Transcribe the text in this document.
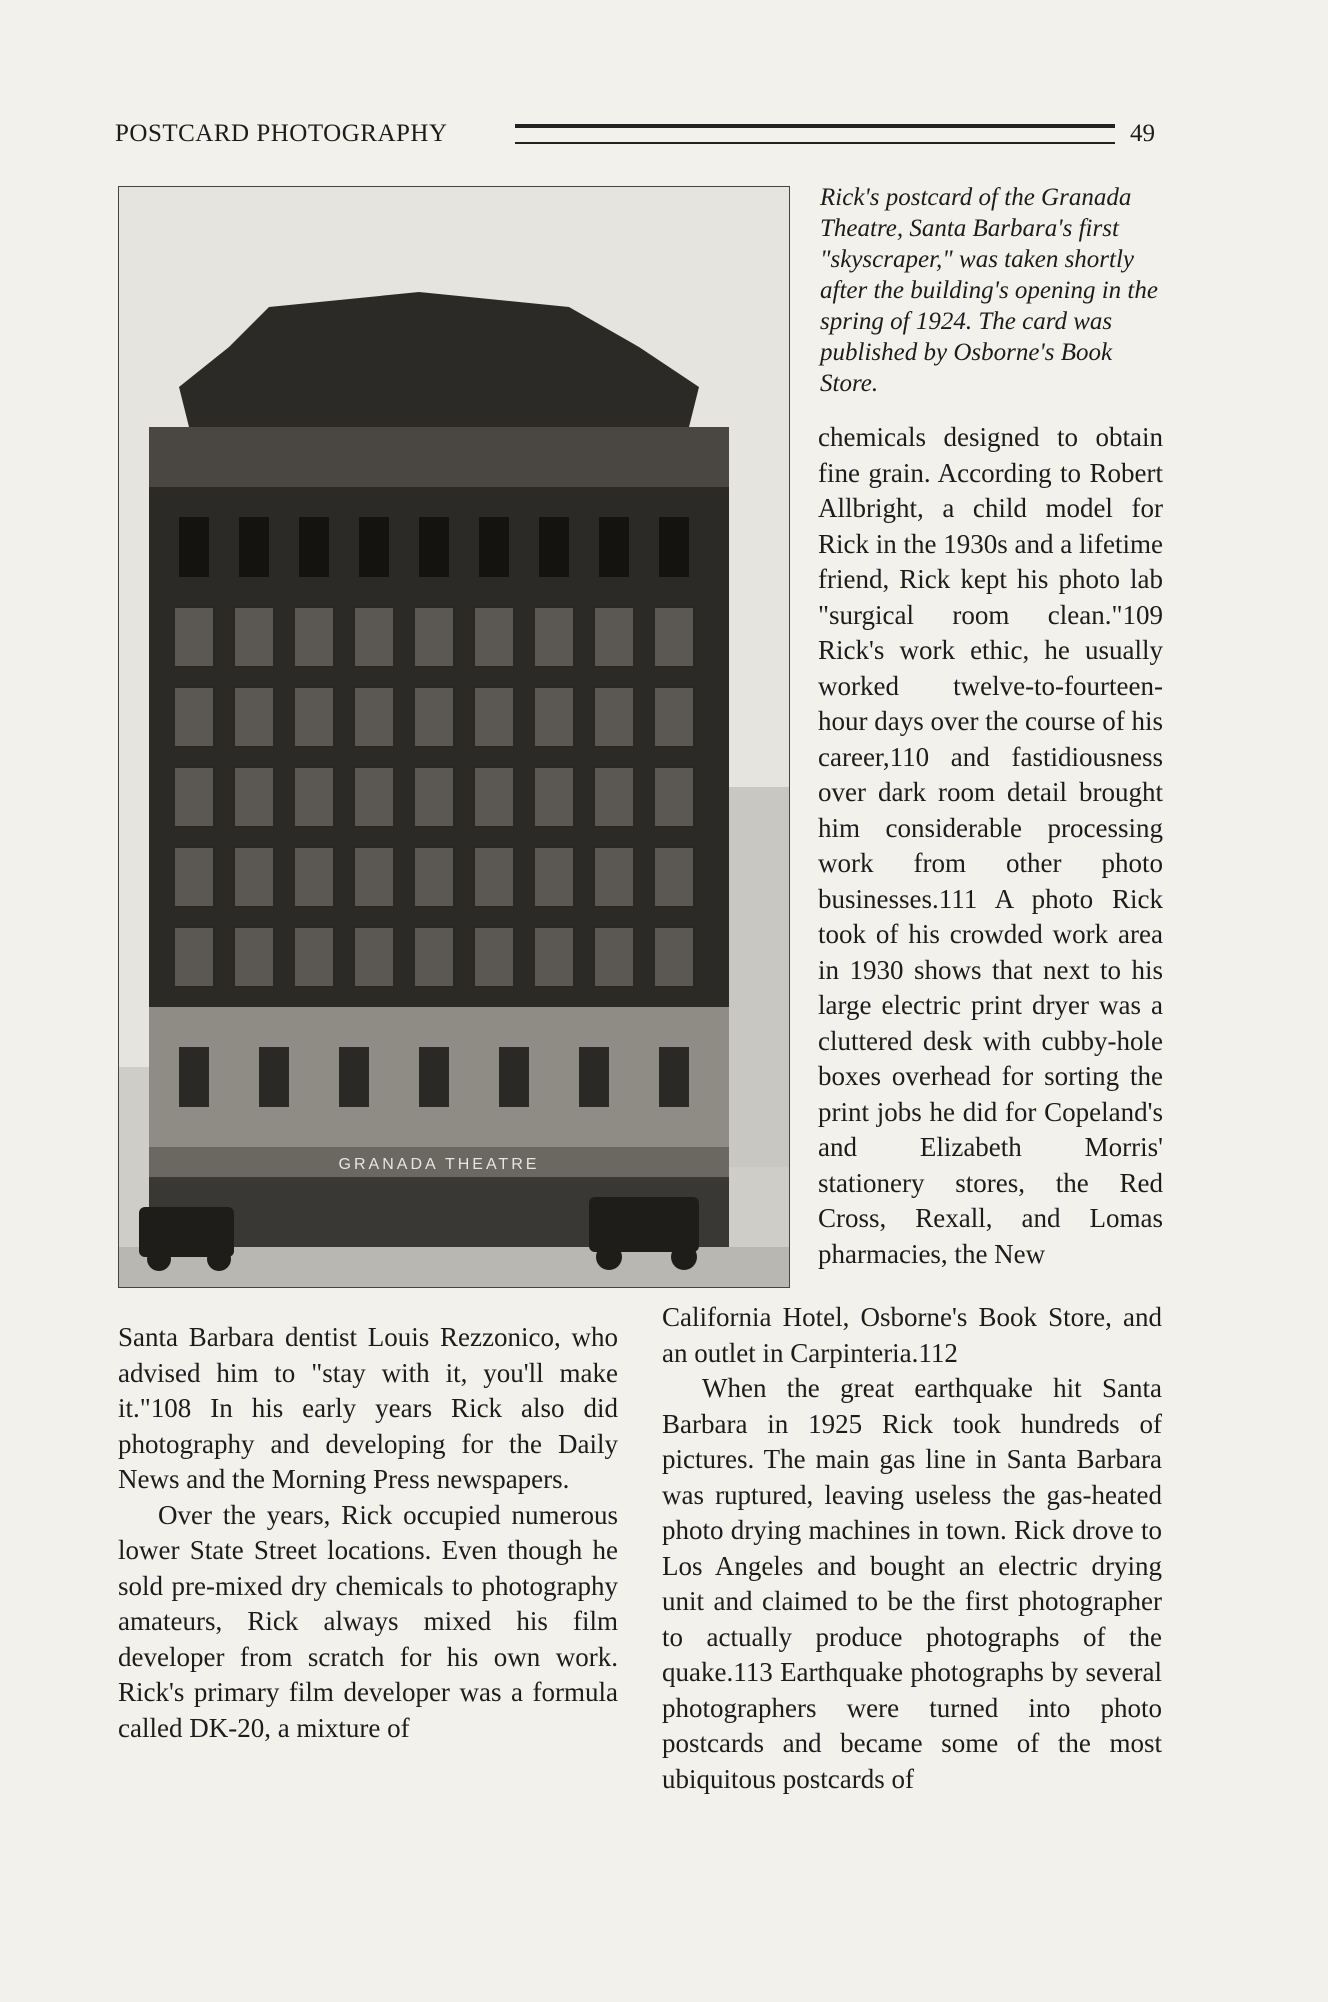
POSTCARD PHOTOGRAPHY	49
GRANADA THEATRE
Rick's postcard of the Granada Theatre, Santa Barbara's first "skyscraper," was taken shortly after the building's opening in the spring of 1924. The card was published by Osborne's Book Store.

chemicals designed to obtain fine grain. According to Robert Allbright, a child model for Rick in the 1930s and a lifetime friend, Rick kept his photo lab "surgical room clean."109 Rick's work ethic, he usually worked twelve-to-fourteen-hour days over the course of his career,110 and fastidiousness over dark room detail brought him considerable processing work from other photo businesses.111 A photo Rick took of his crowded work area in 1930 shows that next to his large electric print dryer was a cluttered desk with cubby-hole boxes overhead for sorting the print jobs he did for Copeland's and Elizabeth Morris' stationery stores, the Red Cross, Rexall, and Lomas pharmacies, the New

Santa Barbara dentist Louis Rezzonico, who advised him to "stay with it, you'll make it."108 In his early years Rick also did photography and developing for the Daily News and the Morning Press newspapers.

Over the years, Rick occupied numerous lower State Street locations. Even though he sold pre-mixed dry chemicals to photography amateurs, Rick always mixed his film developer from scratch for his own work. Rick's primary film developer was a formula called DK-20, a mixture of

California Hotel, Osborne's Book Store, and an outlet in Carpinteria.112

When the great earthquake hit Santa Barbara in 1925 Rick took hundreds of pictures. The main gas line in Santa Barbara was ruptured, leaving useless the gas-heated photo drying machines in town. Rick drove to Los Angeles and bought an electric drying unit and claimed to be the first photographer to actually produce photographs of the quake.113 Earthquake photographs by several photographers were turned into photo postcards and became some of the most ubiquitous postcards of
